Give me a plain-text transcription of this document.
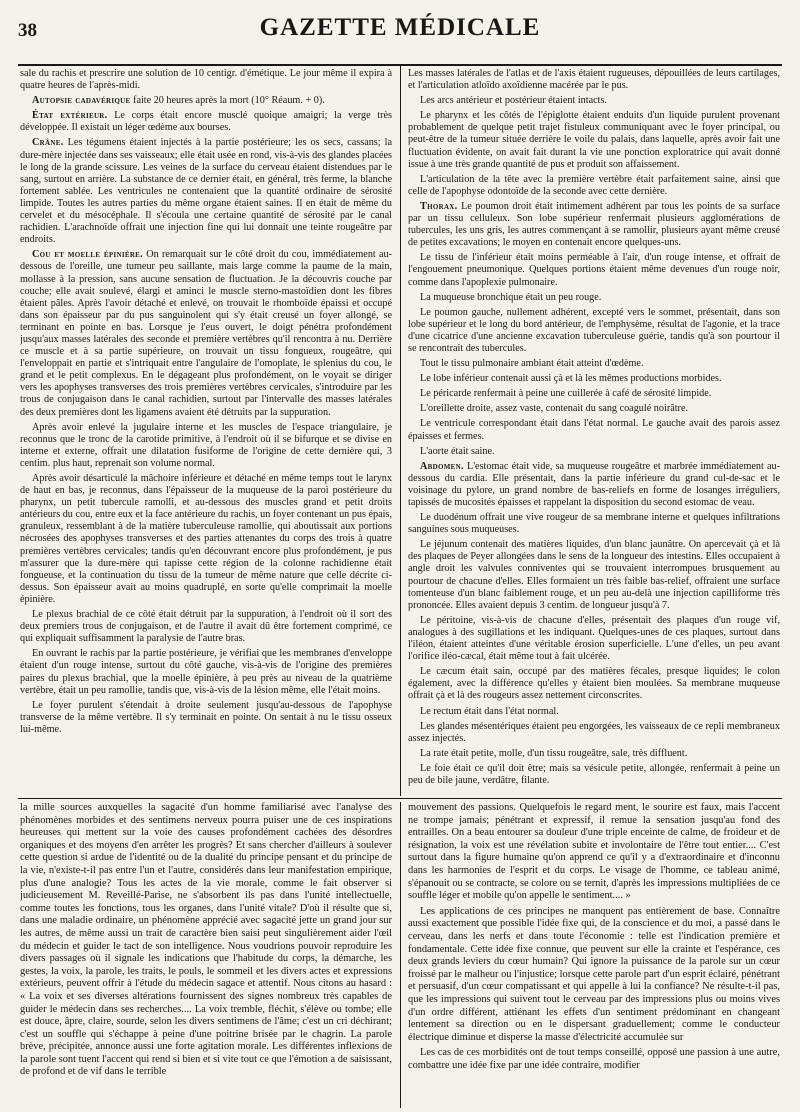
38	GAZETTE MÉDICALE

sale du rachis et prescrire une solution de 10 centigr. d'émétique. Le jour même il expira à quatre heures de l'après-midi.

Autopsie cadavérique faite 20 heures après la mort (10° Réaum. + 0).

État extérieur. Le corps était encore musclé quoique amaigri; la verge très développée. Il existait un léger œdème aux bourses.

Crâne. Les tégumens étaient injectés à la partie postérieure; les os secs, cassans; la dure-mère injectée dans ses vaisseaux; elle était usée en rond, vis-à-vis des glandes placées le long de la grande scissure. Les veines de la surface du cerveau étaient distendues par le sang, surtout en arrière. La substance de ce dernier était, en général, très ferme, la blanche fortement sablée. Les ventricules ne contenaient que la quantité ordinaire de sérosité limpide. Toutes les autres parties du même organe étaient saines. Il en était de même du cervelet et du mésocéphale. Il s'écoula une certaine quantité de sérosité par le canal rachidien. L'arachnoïde offrait une injection fine qui lui donnait une teinte rougeâtre par endroits.

Cou et moelle épinière. On remarquait sur le côté droit du cou, immédiatement au-dessous de l'oreille, une tumeur peu saillante, mais large comme la paume de la main, mollasse à la pression, sans aucune sensation de fluctuation. Je la découvris couche par couche; elle avait soulevé, élargi et aminci le muscle sterno-mastoïdien dont les fibres étaient pâles. Après l'avoir détaché et enlevé, on trouvait le rhomboïde épaissi et occupé dans son épaisseur par du pus sanguinolent qui s'y était creusé un foyer allongé, se terminant en pointe en bas. Lorsque je l'eus ouvert, le doigt pénétra profondément jusqu'aux masses latérales des seconde et première vertèbres qu'il rencontra à nu. Derrière ce muscle et à sa partie supérieure, on trouvait un tissu fongueux, rougeâtre, qui l'enveloppait en partie et s'intriquait entre l'angulaire de l'omoplate, le splenius du cou, le grand et le petit complexus. En le dégageant plus profondément, on le voyait se diriger vers les apophyses transverses des trois premières vertèbres cervicales, s'introduire par les trous de conjugaison dans le canal rachidien, surtout par l'intervalle des masses latérales des deux premières dont les ligamens avaient été détruits par la suppuration.

Après avoir enlevé la jugulaire interne et les muscles de l'espace triangulaire, je reconnus que le tronc de la carotide primitive, à l'endroit où il se bifurque et se divise en interne et externe, offrait une dilatation fusiforme de l'origine de cette dernière qui, 3 centim. plus haut, reprenait son volume normal.

Après avoir désarticulé la mâchoire inférieure et détaché en même temps tout le larynx de haut en bas, je reconnus, dans l'épaisseur de la muqueuse de la paroi postérieure du pharynx, un petit tubercule ramolli, et au-dessous des muscles grand et petit droits antérieurs du cou, entre eux et la face antérieure du rachis, un foyer contenant un pus épais, granuleux, ressemblant à de la matière tuberculeuse ramollie, qui aboutissait aux portions nécrosées des apophyses transverses et des parties attenantes du corps des trois à quatre premières vertèbres cervicales; tandis qu'en découvrant encore plus profondément, je pus m'assurer que la dure-mère qui tapisse cette région de la colonne rachidienne était fongueuse, et la continuation du tissu de la tumeur de même nature que celle décrite ci-dessus. Son épaisseur avait au moins quadruplé, en sorte qu'elle comprimait la moelle épinière.

Le plexus brachial de ce côté était détruit par la suppuration, à l'endroit où il sort des deux premiers trous de conjugaison, et de l'autre il avait dû être fortement comprimé, ce qui expliquait suffisamment la paralysie de l'autre bras.

En ouvrant le rachis par la partie postérieure, je vérifiai que les membranes d'enveloppe étaient d'un rouge intense, surtout du côté gauche, vis-à-vis de l'origine des premières paires du plexus brachial, que la moelle épinière, à peu près au niveau de la quatrième vertèbre, était un peu ramollie, tandis que, vis-à-vis de la lésion même, elle l'était moins.

Le foyer purulent s'étendait à droite seulement jusqu'au-dessous de l'apophyse transverse de la même vertèbre. Il s'y terminait en pointe. On sentait à nu le tissu osseux lui-même.

Les masses latérales de l'atlas et de l'axis étaient rugueuses, dépouillées de leurs cartilages, et l'articulation atloïdo axoïdienne macérée par le pus.

Les arcs antérieur et postérieur étaient intacts.

Le pharynx et les côtés de l'épiglotte étaient enduits d'un liquide purulent provenant probablement de quelque petit trajet fistuleux communiquant avec le foyer principal, ou peut-être de la tumeur située derrière le voile du palais, dans laquelle, après avoir fait une fluctuation évidente, on avait fait durant la vie une ponction exploratrice qui avait donné issue à une très grande quantité de pus et produit son affaissement.

L'articulation de la tête avec la première vertèbre était parfaitement saine, ainsi que celle de l'apophyse odontoïde de la seconde avec cette dernière.

Thorax. Le poumon droit était intimement adhérent par tous les points de sa surface par un tissu celluleux. Son lobe supérieur renfermait plusieurs agglomérations de tubercules, les uns gris, les autres commençant à se ramollir, plusieurs ayant même creusé de petites excavations; le moyen en contenait encore quelques-uns.

Le tissu de l'inférieur était moins perméable à l'air, d'un rouge intense, et offrait de l'engouement pneumonique. Quelques portions étaient même devenues d'un rouge noir, comme dans l'apoplexie pulmonaire.

La muqueuse bronchique était un peu rouge.

Le poumon gauche, nullement adhérent, excepté vers le sommet, présentait, dans son lobe supérieur et le long du bord antérieur, de l'emphysème, résultat de l'agonie, et la trace d'une cicatrice d'une ancienne excavation tuberculeuse guérie, tandis qu'à son pourtour il se rencontrait des tubercules.

Tout le tissu pulmonaire ambiant était atteint d'œdème.

Le lobe inférieur contenait aussi çà et là les mêmes productions morbides.

Le péricarde renfermait à peine une cuillerée à café de sérosité limpide.

L'oreillette droite, assez vaste, contenait du sang coagulé noirâtre.

Le ventricule correspondant était dans l'état normal. Le gauche avait des parois assez épaisses et fermes.

L'aorte était saine.

Abdomen. L'estomac était vide, sa muqueuse rougeâtre et marbrée immédiatement au-dessous du cardia. Elle présentait, dans la partie inférieure du grand cul-de-sac et le voisinage du pylore, un grand nombre de bas-reliefs en forme de losanges irréguliers, tapissés de mucosités épaisses et rappelant la disposition du second estomac de veau.

Le duodénum offrait une vive rougeur de sa membrane interne et quelques infiltrations sanguines sous muqueuses.

Le jéjunum contenait des matières liquides, d'un blanc jaunâtre. On apercevait çà et là des plaques de Peyer allongées dans le sens de la longueur des intestins. Elles occupaient à angle droit les valvules conniventes qui se trouvaient interrompues brusquement au pourtour de chacune d'elles. Elles formaient un très faible bas-relief, offraient une surface tomenteuse d'un blanc faiblement rouge, et un peu au-delà une injection capilliforme très prononcée. Elles avaient depuis 3 centim. de longueur jusqu'à 7.

Le péritoine, vis-à-vis de chacune d'elles, présentait des plaques d'un rouge vif, analogues à des sugillations et les indiquant. Quelques-unes de ces plaques, surtout dans l'iléon, étaient atteintes d'une véritable érosion superficielle. L'une d'elles, un peu avant l'orifice iléo-cæcal, était même tout à fait ulcérée.

Le cæcum était sain, occupé par des matières fécales, presque liquides; le colon également, avec la différence qu'elles y étaient bien moulées. Sa membrane muqueuse offrait çà et là des rougeurs assez nettement circonscrites.

Le rectum était dans l'état normal.

Les glandes mésentériques étaient peu engorgées, les vaisseaux de ce repli membraneux assez injectés.

La rate était petite, molle, d'un tissu rougeâtre, sale, très diffluent.

Le foie était ce qu'il doit être; mais sa vésicule petite, allongée, renfermait à peine un peu de bile jaune, verdâtre, filante.

la mille sources auxquelles la sagacité d'un homme familiarisé avec l'analyse des phénomènes morbides et des sentimens nerveux pourra puiser une de ces inspirations heureuses qui mettent sur la voie des causes profondément cachées des désordres organiques et des moyens d'en arrêter les progrès? Et sans chercher d'ailleurs à soulever cette question si ardue de l'identité ou de la dualité du principe pensant et du principe de la vie, n'existe-t-il pas entre l'un et l'autre, considérés dans leur manifestation empirique, plus d'une analogie? Tous les actes de la vie morale, comme le fait observer si judicieusement M. Reveillé-Parise, ne s'absorbent ils pas dans l'unité intellectuelle, comme toutes les fonctions, tous les organes, dans l'unité vitale? D'où il résulte que si, dans une maladie ordinaire, un phénomène apprécié avec sagacité jette un grand jour sur les autres, de même aussi un trait de caractère bien saisi peut singulièrement aider l'œil du médecin et guider le tact de son intelligence. Nous voudrions pouvoir reproduire les divers passages où il signale les indications que l'habitude du corps, la démarche, les gestes, la voix, la parole, les traits, le pouls, le sommeil et les divers actes et expressions extérieurs, peuvent offrir à l'étude du médecin sagace et attentif. Nous citons au hasard : « La voix et ses diverses altérations fournissent des signes nombreux très capables de guider le médecin dans ses recherches.... La voix tremble, fléchit, s'élève ou tombe; elle est douce, âpre, claire, sourde, selon les divers sentimens de l'âme; c'est un cri déchirant; c'est un souffle qui s'échappe à peine d'une poitrine brisée par le chagrin. La parole brève, précipitée, annonce aussi une forte agitation morale. Les différentes inflexions de la parole sont tuent l'accent qui rend si bien et si vite tout ce que l'émotion a de saisissant, de profond et de vif dans le terrible

mouvement des passions. Quelquefois le regard ment, le sourire est faux, mais l'accent ne trompe jamais; pénétrant et expressif, il remue la sensation jusqu'au fond des entrailles. On a beau entourer sa douleur d'une triple enceinte de calme, de froideur et de résignation, la voix est une révélation subite et involontaire de l'être tout entier.... C'est surtout dans la figure humaine qu'on apprend ce qu'il y a d'extraordinaire et d'inconnu dans les harmonies de l'esprit et du corps. Le visage de l'homme, ce tableau animé, s'épanouit ou se contracte, se colore ou se ternit, d'après les impressions multipliées de ce souffle léger et mobile qu'on appelle le sentiment.... »

Les applications de ces principes ne manquent pas entièrement de base. Connaître aussi exactement que possible l'idée fixe qui, de la conscience et du moi, a passé dans le cerveau, dans les nerfs et dans toute l'économie : telle est l'indication première et fondamentale. Cette idée fixe connue, que peuvent sur elle la crainte et l'espérance, ces deux grands leviers du cœur humain? Qui ignore la puissance de la parole sur un cœur froissé par le malheur ou l'injustice; lorsque cette parole part d'un esprit éclairé, pénétrant et persuasif, d'un cœur compatissant et qui appelle à lui la confiance? Ne résulte-t-il pas, que les impressions qui suivent tout le cerveau par des impressions plus ou moins vives d'un ordre différent, attiénant les effets d'un sentiment prédominant en changeant lentement sa direction ou en le dispersant graduellement; comme le conducteur électrique diminue et disperse la masse d'électricité accumulée sur

Les cas de ces morbidités ont de tout temps conseillé, opposé une passion à une autre, combattre une idée fixe par une idée contraire, modifier
